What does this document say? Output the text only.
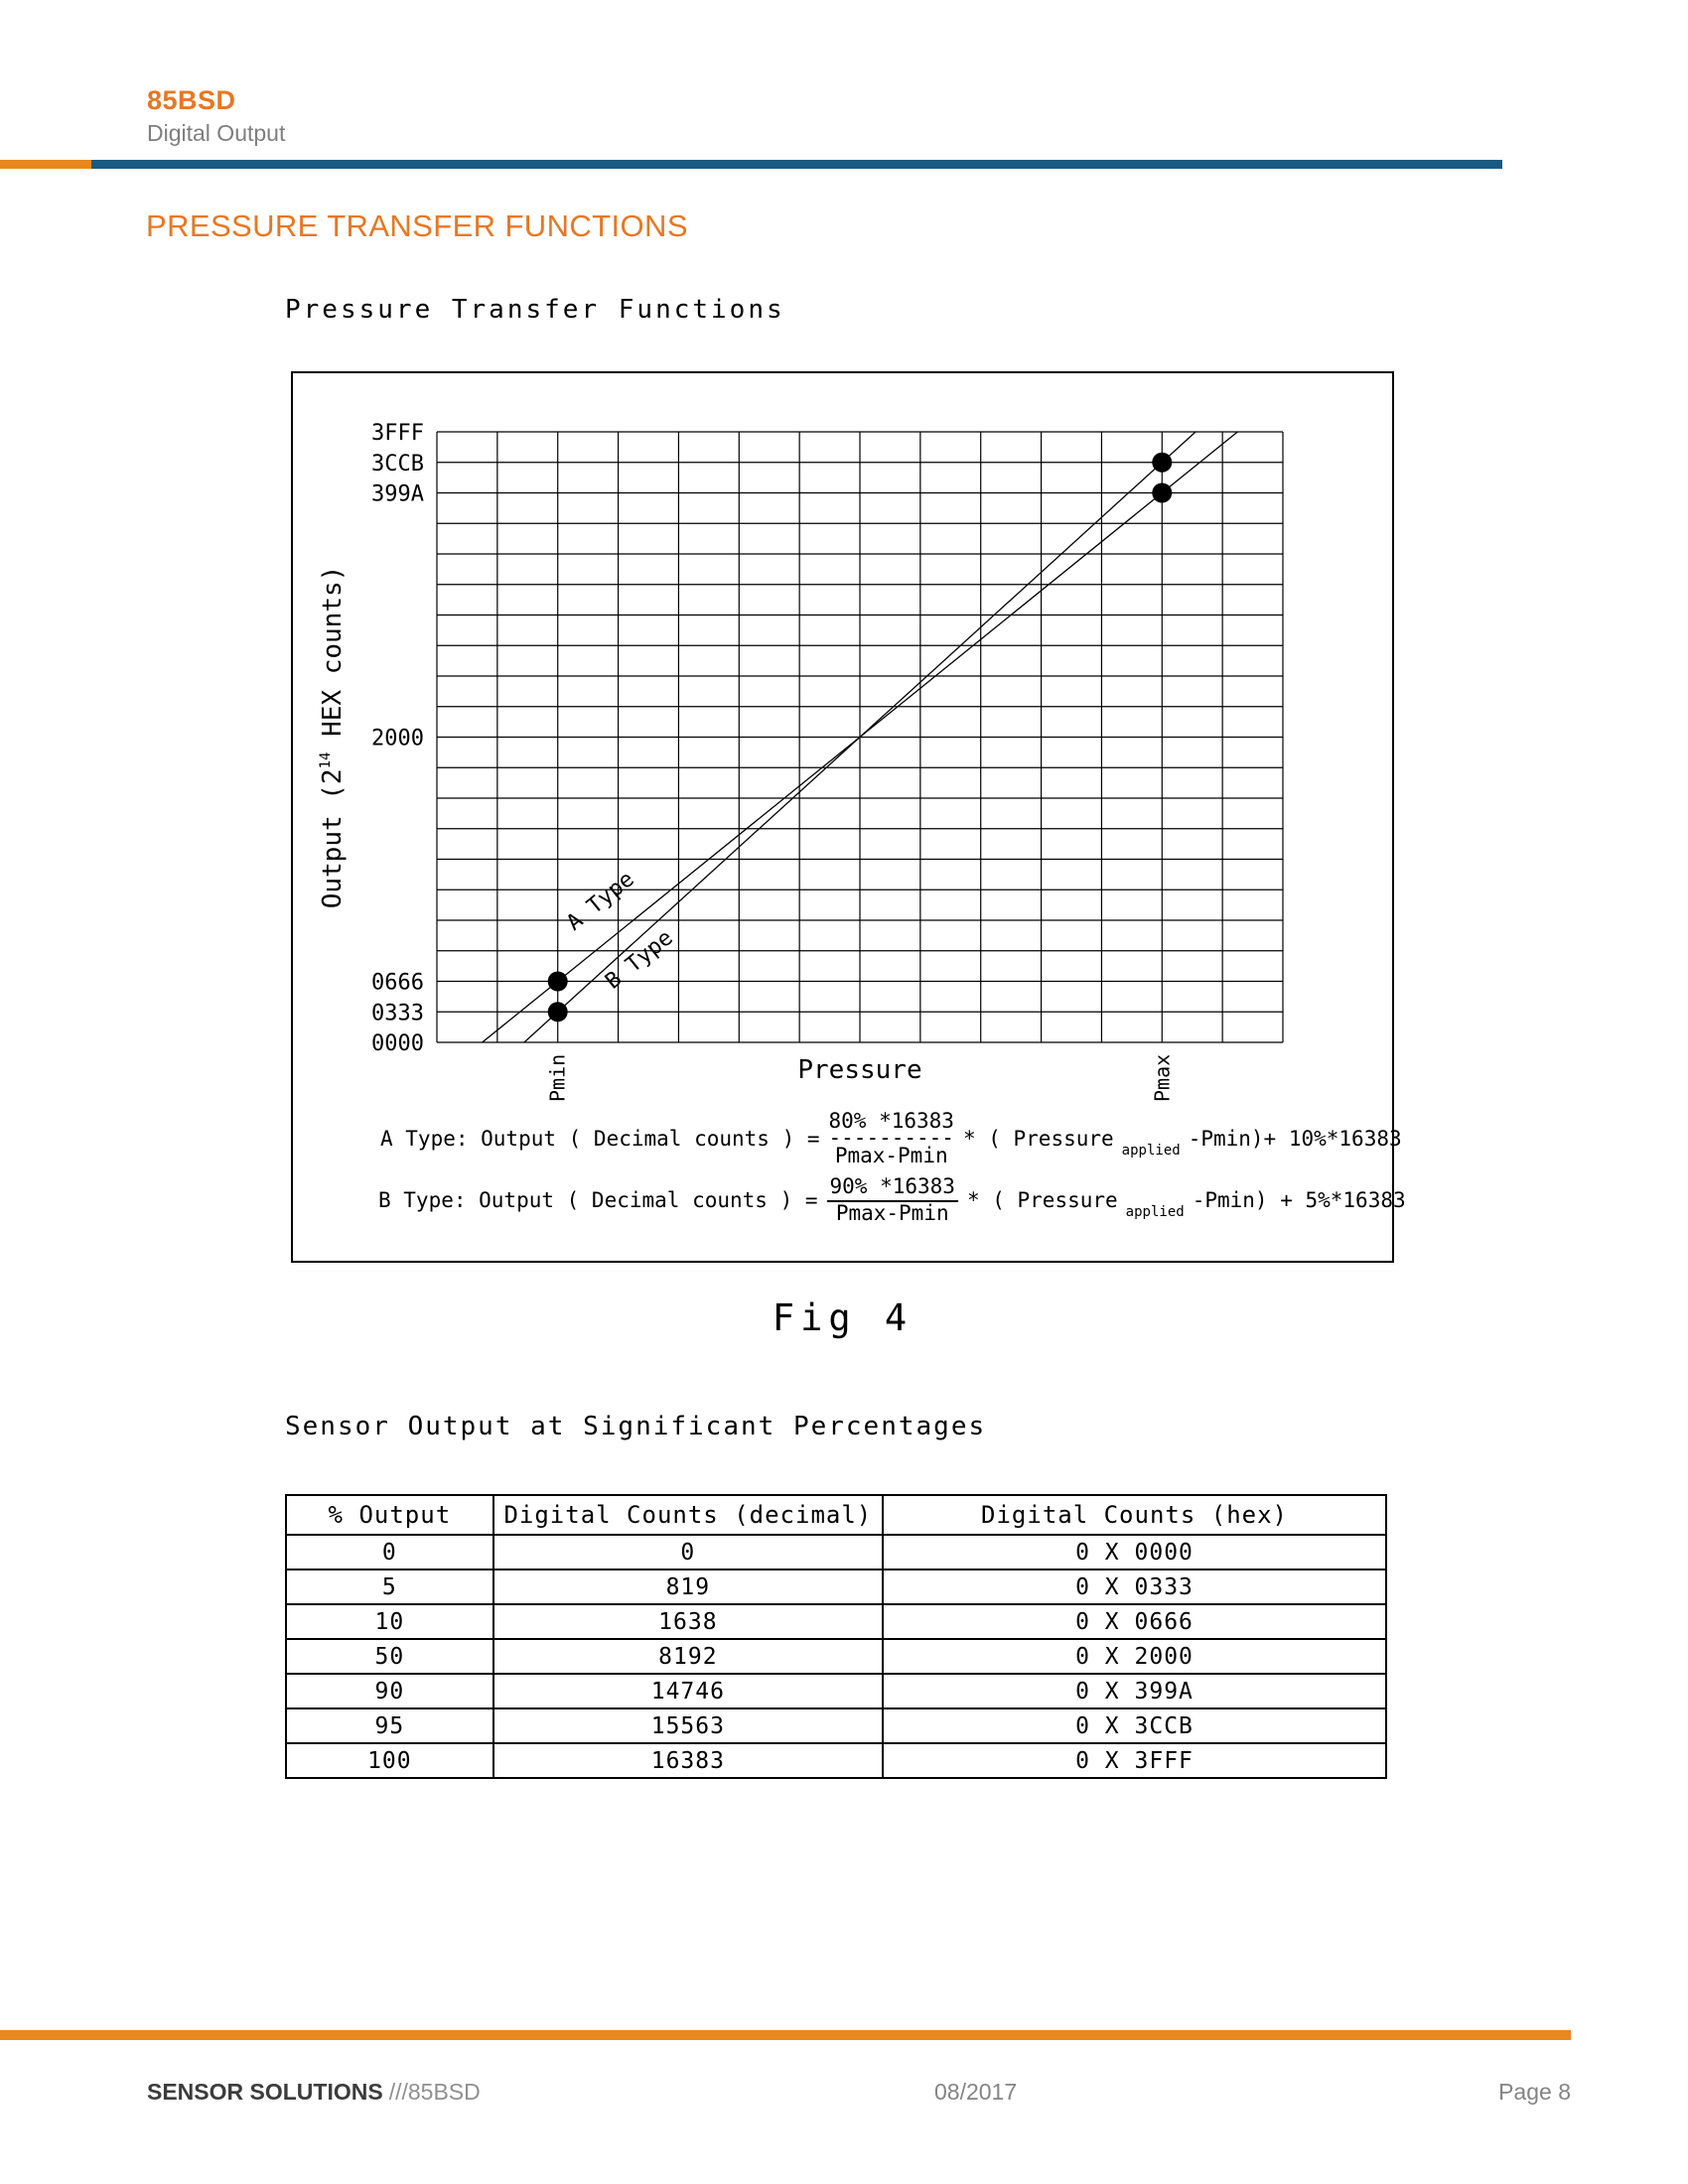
85BSD
Digital Output
PRESSURE TRANSFER FUNCTIONS
Pressure Transfer Functions
3FFF
3CCB
399A
2000
0666
0333
0000
Pmin	Pmax
Pressure
Output ($2^{14}$ HEX counts)
A Type
B Type
A Type: Output ( Decimal counts ) =
80% *16383
----------
Pmax-Pmin
* ( Pressure $_{applied}$ -Pmin)+ 10%*16383
B Type: Output ( Decimal counts ) = $\frac{90\% *16383}{Pmax-Pmin}$ * ( Pressure $_{applied}$ -Pmin) + 5%*16383
Fig 4
Sensor Output at Significant Percentages
% Output	Digital Counts (decimal)	Digital Counts (hex)
0	0	0 X 0000
5	819	0 X 0333
10	1638	0 X 0666
50	8192	0 X 2000
90	14746	0 X 399A
95	15563	0 X 3CCB
100	16383	0 X 3FFF
SENSOR SOLUTIONS ///85BSD	08/2017	Page 8
